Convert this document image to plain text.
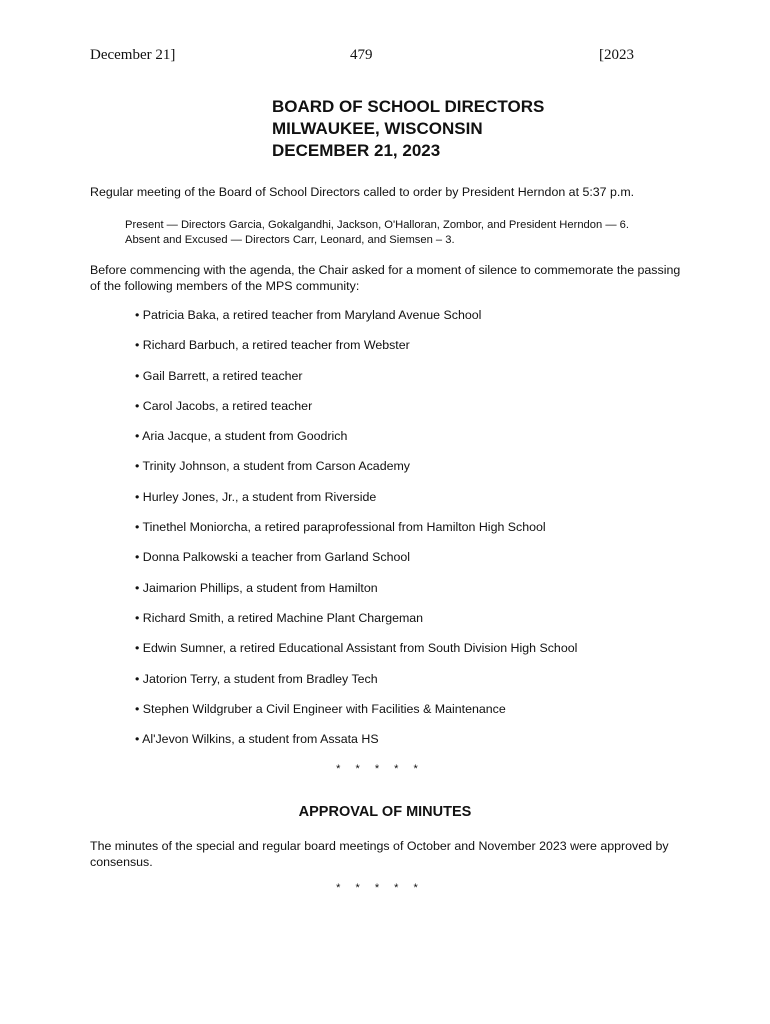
December 21]	479	[2023
BOARD OF SCHOOL DIRECTORS
MILWAUKEE, WISCONSIN
DECEMBER 21, 2023

Regular meeting of the Board of School Directors called to order by President Herndon at 5:37 p.m.

Present — Directors Garcia, Gokalgandhi, Jackson, O'Halloran, Zombor, and President Herndon — 6.
Absent and Excused — Directors Carr, Leonard, and Siemsen – 3.

Before commencing with the agenda, the Chair asked for a moment of silence to commemorate the passing of the following members of the MPS community:

• Patricia Baka, a retired teacher from Maryland Avenue School
• Richard Barbuch, a retired teacher from Webster
• Gail Barrett, a retired teacher
• Carol Jacobs, a retired teacher
• Aria Jacque, a student from Goodrich
• Trinity Johnson, a student from Carson Academy
• Hurley Jones, Jr., a student from Riverside
• Tinethel Moniorcha, a retired paraprofessional from Hamilton High School
• Donna Palkowski a teacher from Garland School
• Jaimarion Phillips, a student from Hamilton
• Richard Smith, a retired Machine Plant Chargeman
• Edwin Sumner, a retired Educational Assistant from South Division High School
• Jatorion Terry, a student from Bradley Tech
• Stephen Wildgruber a Civil Engineer with Facilities & Maintenance
• Al'Jevon Wilkins, a student from Assata HS
* * * * *
APPROVAL OF MINUTES

The minutes of the special and regular board meetings of October and November 2023 were approved by consensus.

* * * * *
